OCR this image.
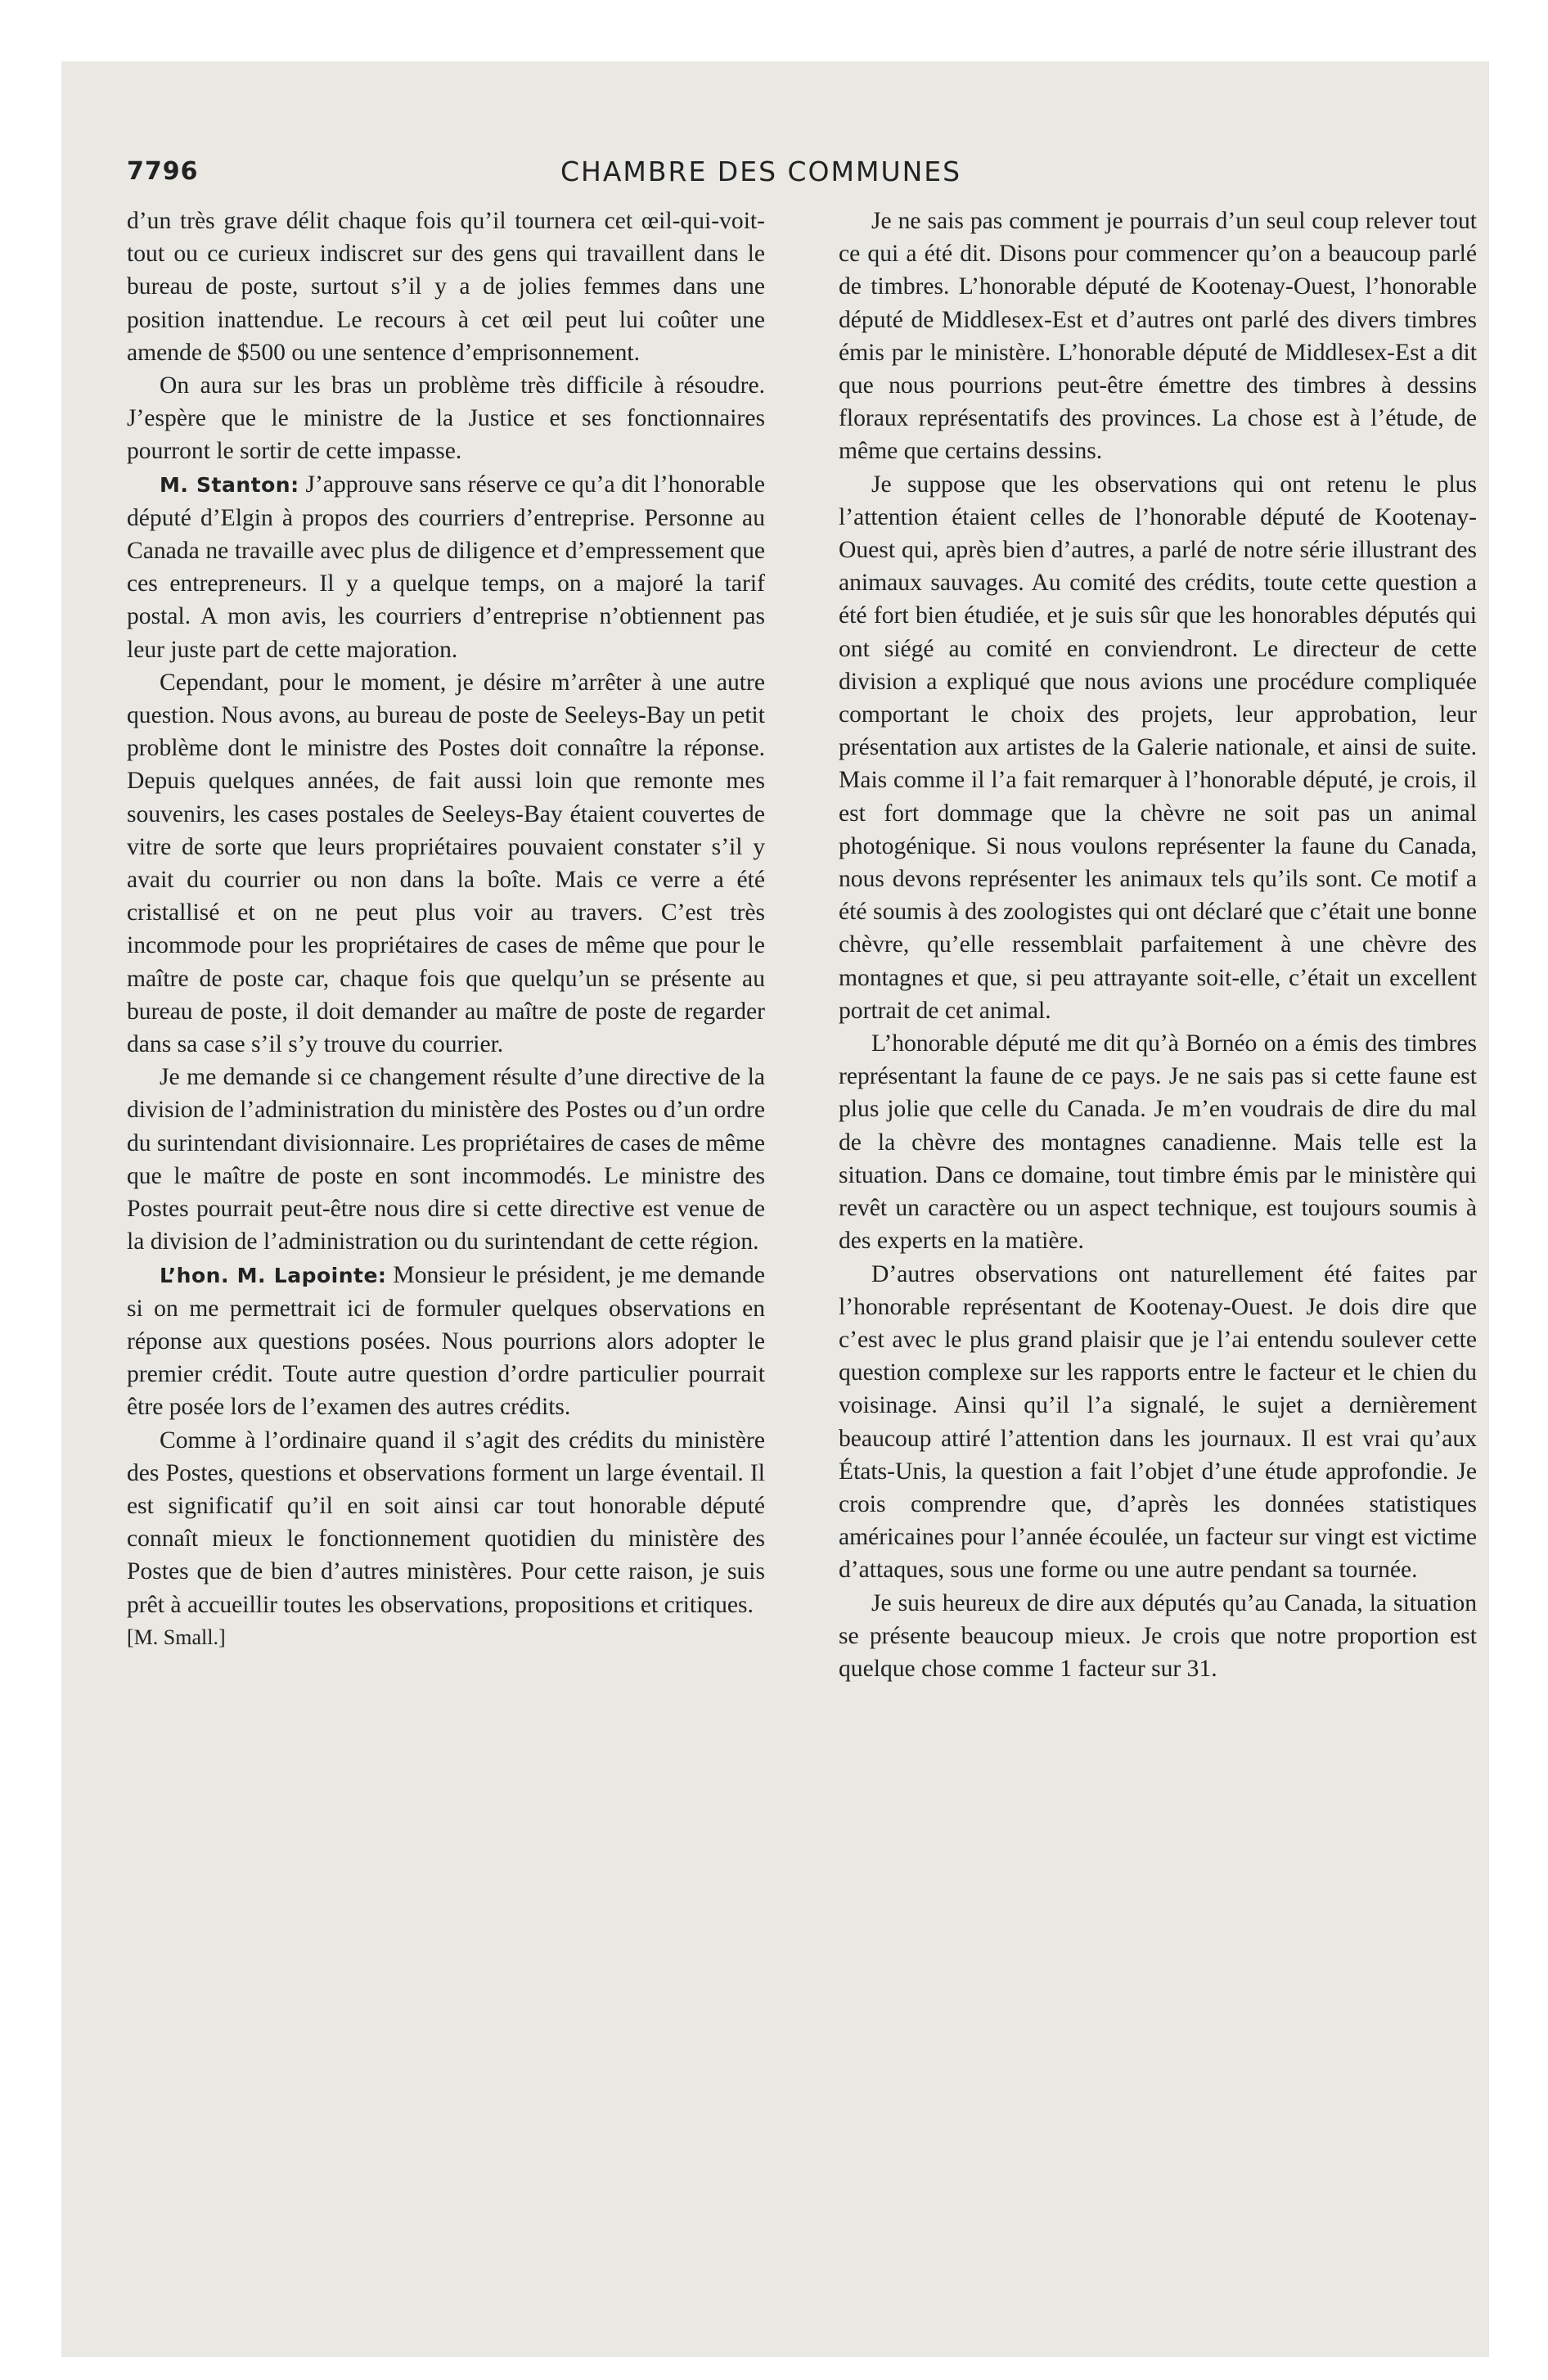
7796	CHAMBRE DES COMMUNES

d’un très grave délit chaque fois qu’il tournera cet œil-qui-voit-tout ou ce curieux indiscret sur des gens qui travaillent dans le bureau de poste, surtout s’il y a de jolies femmes dans une position inattendue. Le recours à cet œil peut lui coûter une amende de $500 ou une sentence d’emprisonnement.

On aura sur les bras un problème très difficile à résoudre. J’espère que le ministre de la Justice et ses fonctionnaires pourront le sortir de cette impasse.

M. Stanton: J’approuve sans réserve ce qu’a dit l’honorable député d’Elgin à propos des courriers d’entreprise. Personne au Canada ne travaille avec plus de diligence et d’empressement que ces entrepreneurs. Il y a quelque temps, on a majoré la tarif postal. A mon avis, les courriers d’entreprise n’obtiennent pas leur juste part de cette majoration.

Cependant, pour le moment, je désire m’arrêter à une autre question. Nous avons, au bureau de poste de Seeleys-Bay un petit problème dont le ministre des Postes doit connaître la réponse. Depuis quelques années, de fait aussi loin que remonte mes souvenirs, les cases postales de Seeleys-Bay étaient couvertes de vitre de sorte que leurs propriétaires pouvaient constater s’il y avait du courrier ou non dans la boîte. Mais ce verre a été cristallisé et on ne peut plus voir au travers. C’est très incommode pour les propriétaires de cases de même que pour le maître de poste car, chaque fois que quelqu’un se présente au bureau de poste, il doit demander au maître de poste de regarder dans sa case s’il s’y trouve du courrier.

Je me demande si ce changement résulte d’une directive de la division de l’administration du ministère des Postes ou d’un ordre du surintendant divisionnaire. Les propriétaires de cases de même que le maître de poste en sont incommodés. Le ministre des Postes pourrait peut-être nous dire si cette directive est venue de la division de l’administration ou du surintendant de cette région.

L’hon. M. Lapointe: Monsieur le président, je me demande si on me permettrait ici de formuler quelques observations en réponse aux questions posées. Nous pourrions alors adopter le premier crédit. Toute autre question d’ordre particulier pourrait être posée lors de l’examen des autres crédits.

Comme à l’ordinaire quand il s’agit des crédits du ministère des Postes, questions et observations forment un large éventail. Il est significatif qu’il en soit ainsi car tout honorable député connaît mieux le fonctionnement quotidien du ministère des Postes que de bien d’autres ministères. Pour cette raison, je suis prêt à accueillir toutes les observations, propositions et critiques.

[M. Small.]

Je ne sais pas comment je pourrais d’un seul coup relever tout ce qui a été dit. Disons pour commencer qu’on a beaucoup parlé de timbres. L’honorable député de Kootenay-Ouest, l’honorable député de Middlesex-Est et d’autres ont parlé des divers timbres émis par le ministère. L’honorable député de Middlesex-Est a dit que nous pourrions peut-être émettre des timbres à dessins floraux représentatifs des provinces. La chose est à l’étude, de même que certains dessins.

Je suppose que les observations qui ont retenu le plus l’attention étaient celles de l’honorable député de Kootenay-Ouest qui, après bien d’autres, a parlé de notre série illustrant des animaux sauvages. Au comité des crédits, toute cette question a été fort bien étudiée, et je suis sûr que les honorables députés qui ont siégé au comité en conviendront. Le directeur de cette division a expliqué que nous avions une procédure compliquée comportant le choix des projets, leur approbation, leur présentation aux artistes de la Galerie nationale, et ainsi de suite. Mais comme il l’a fait remarquer à l’honorable député, je crois, il est fort dommage que la chèvre ne soit pas un animal photogénique. Si nous voulons représenter la faune du Canada, nous devons représenter les animaux tels qu’ils sont. Ce motif a été soumis à des zoologistes qui ont déclaré que c’était une bonne chèvre, qu’elle ressemblait parfaitement à une chèvre des montagnes et que, si peu attrayante soit-elle, c’était un excellent portrait de cet animal.

L’honorable député me dit qu’à Bornéo on a émis des timbres représentant la faune de ce pays. Je ne sais pas si cette faune est plus jolie que celle du Canada. Je m’en voudrais de dire du mal de la chèvre des montagnes canadienne. Mais telle est la situation. Dans ce domaine, tout timbre émis par le ministère qui revêt un caractère ou un aspect technique, est toujours soumis à des experts en la matière.

D’autres observations ont naturellement été faites par l’honorable représentant de Kootenay-Ouest. Je dois dire que c’est avec le plus grand plaisir que je l’ai entendu soulever cette question complexe sur les rapports entre le facteur et le chien du voisinage. Ainsi qu’il l’a signalé, le sujet a dernièrement beaucoup attiré l’attention dans les journaux. Il est vrai qu’aux États-Unis, la question a fait l’objet d’une étude approfondie. Je crois comprendre que, d’après les données statistiques américaines pour l’année écoulée, un facteur sur vingt est victime d’attaques, sous une forme ou une autre pendant sa tournée.

Je suis heureux de dire aux députés qu’au Canada, la situation se présente beaucoup mieux. Je crois que notre proportion est quelque chose comme 1 facteur sur 31.
